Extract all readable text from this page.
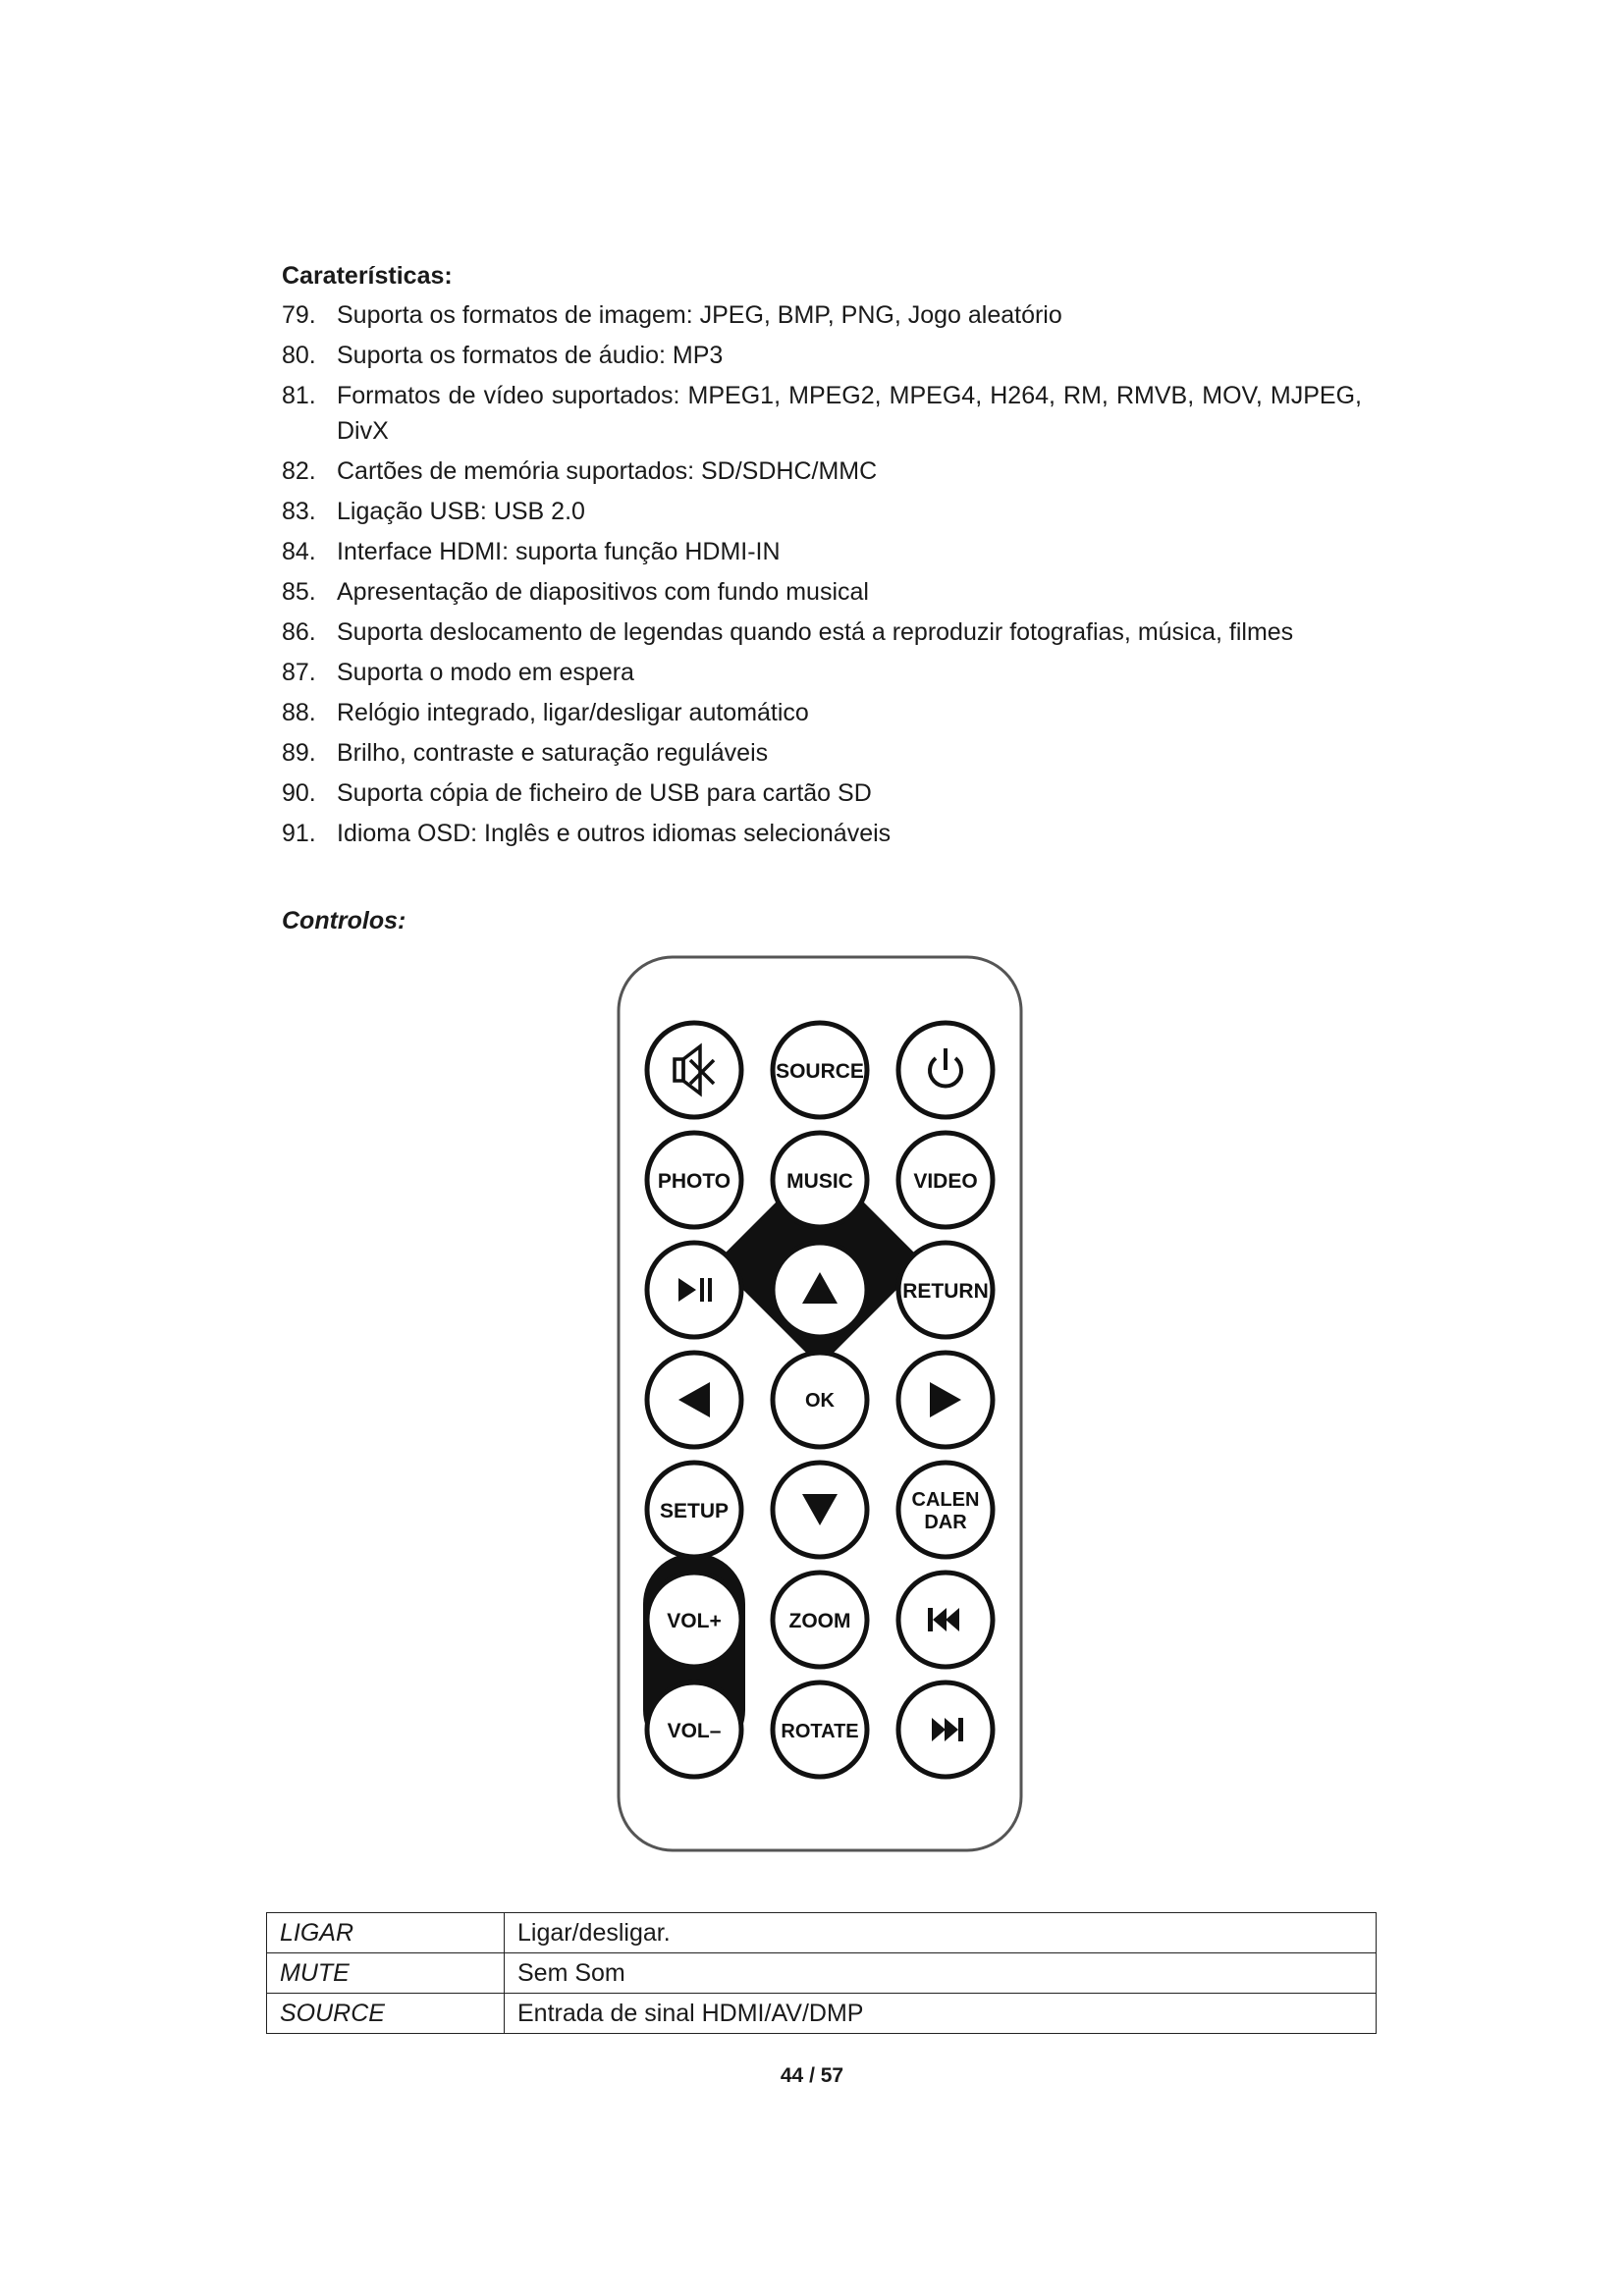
Caraterísticas:
79. Suporta os formatos de imagem: JPEG, BMP, PNG, Jogo aleatório
80. Suporta os formatos de áudio: MP3
81. Formatos de vídeo suportados: MPEG1, MPEG2, MPEG4, H264, RM, RMVB, MOV, MJPEG, DivX
82. Cartões de memória suportados: SD/SDHC/MMC
83. Ligação USB: USB 2.0
84. Interface HDMI: suporta função HDMI-IN
85. Apresentação de diapositivos com fundo musical
86. Suporta deslocamento de legendas quando está a reproduzir fotografias, música, filmes
87. Suporta o modo em espera
88. Relógio integrado, ligar/desligar automático
89. Brilho, contraste e saturação reguláveis
90. Suporta cópia de ficheiro de USB para cartão SD
91. Idioma OSD: Inglês e outros idiomas selecionáveis
Controlos:
SOURCE
PHOTO	MUSIC	VIDEO
RETURN
OK
SETUP	CALEN
DAR
VOL+	ZOOM
VOL–	ROTATE
LIGAR	Ligar/desligar.
MUTE	Sem Som
SOURCE	Entrada de sinal HDMI/AV/DMP
44 / 57
